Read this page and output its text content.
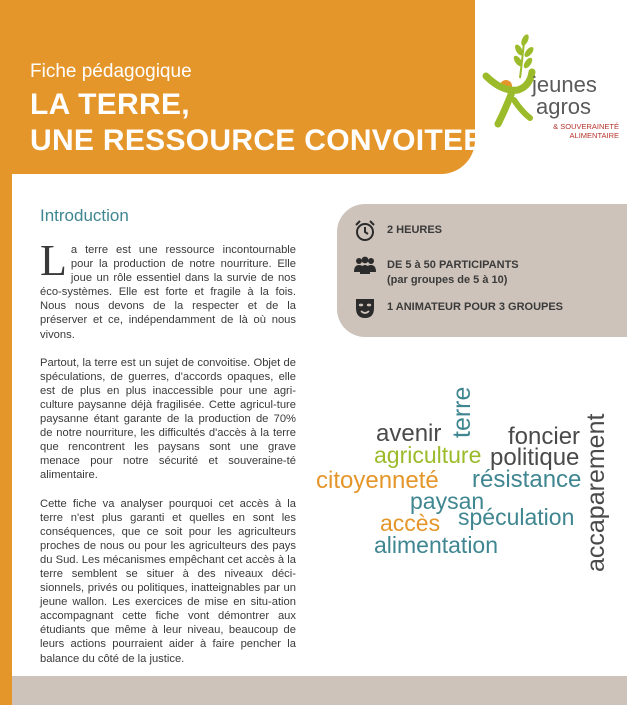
Fiche pédagogique
LA TERRE,
UNE RESSOURCE CONVOITEE
jeunes
agros
& SOUVERAINETÉ
ALIMENTAIRE
Introduction

La terre est une ressource incontournable pour la production de notre nourriture. Elle joue un rôle essentiel dans la survie de nos éco-systèmes. Elle est forte et fragile à la fois. Nous nous devons de la respecter et de la préserver et ce, indépendamment de là où nous vivons.

Partout, la terre est un sujet de convoitise. Objet de spéculations, de guerres, d'accords opaques, elle est de plus en plus inaccessible pour une agri-culture paysanne déjà fragilisée. Cette agricul-ture paysanne étant garante de la production de 70% de notre nourriture, les difficultés d'accès à la terre que rencontrent les paysans sont une grave menace pour notre sécurité et souveraine-té alimentaire.

Cette fiche va analyser pourquoi cet accès à la terre n'est plus garanti et quelles en sont les conséquences, que ce soit pour les agriculteurs proches de nous ou pour les agriculteurs des pays du Sud. Les mécanismes empêchant cet accès à la terre semblent se situer à des niveaux déci-sionnels, privés ou politiques, inatteignables par un jeune wallon. Les exercices de mise en situ-ation accompagnant cette fiche vont démontrer aux étudiants que même à leur niveau, beaucoup de leurs actions pourraient aider à faire pencher la balance du côté de la justice.

2 HEURES
DE 5 à 50 PARTICIPANTS
(par groupes de 5 à 10)
1 ANIMATEUR POUR 3 GROUPES
avenir terre foncier
agriculture politique
citoyenneté résistance
paysan
accès spéculation
alimentation	accaparement
